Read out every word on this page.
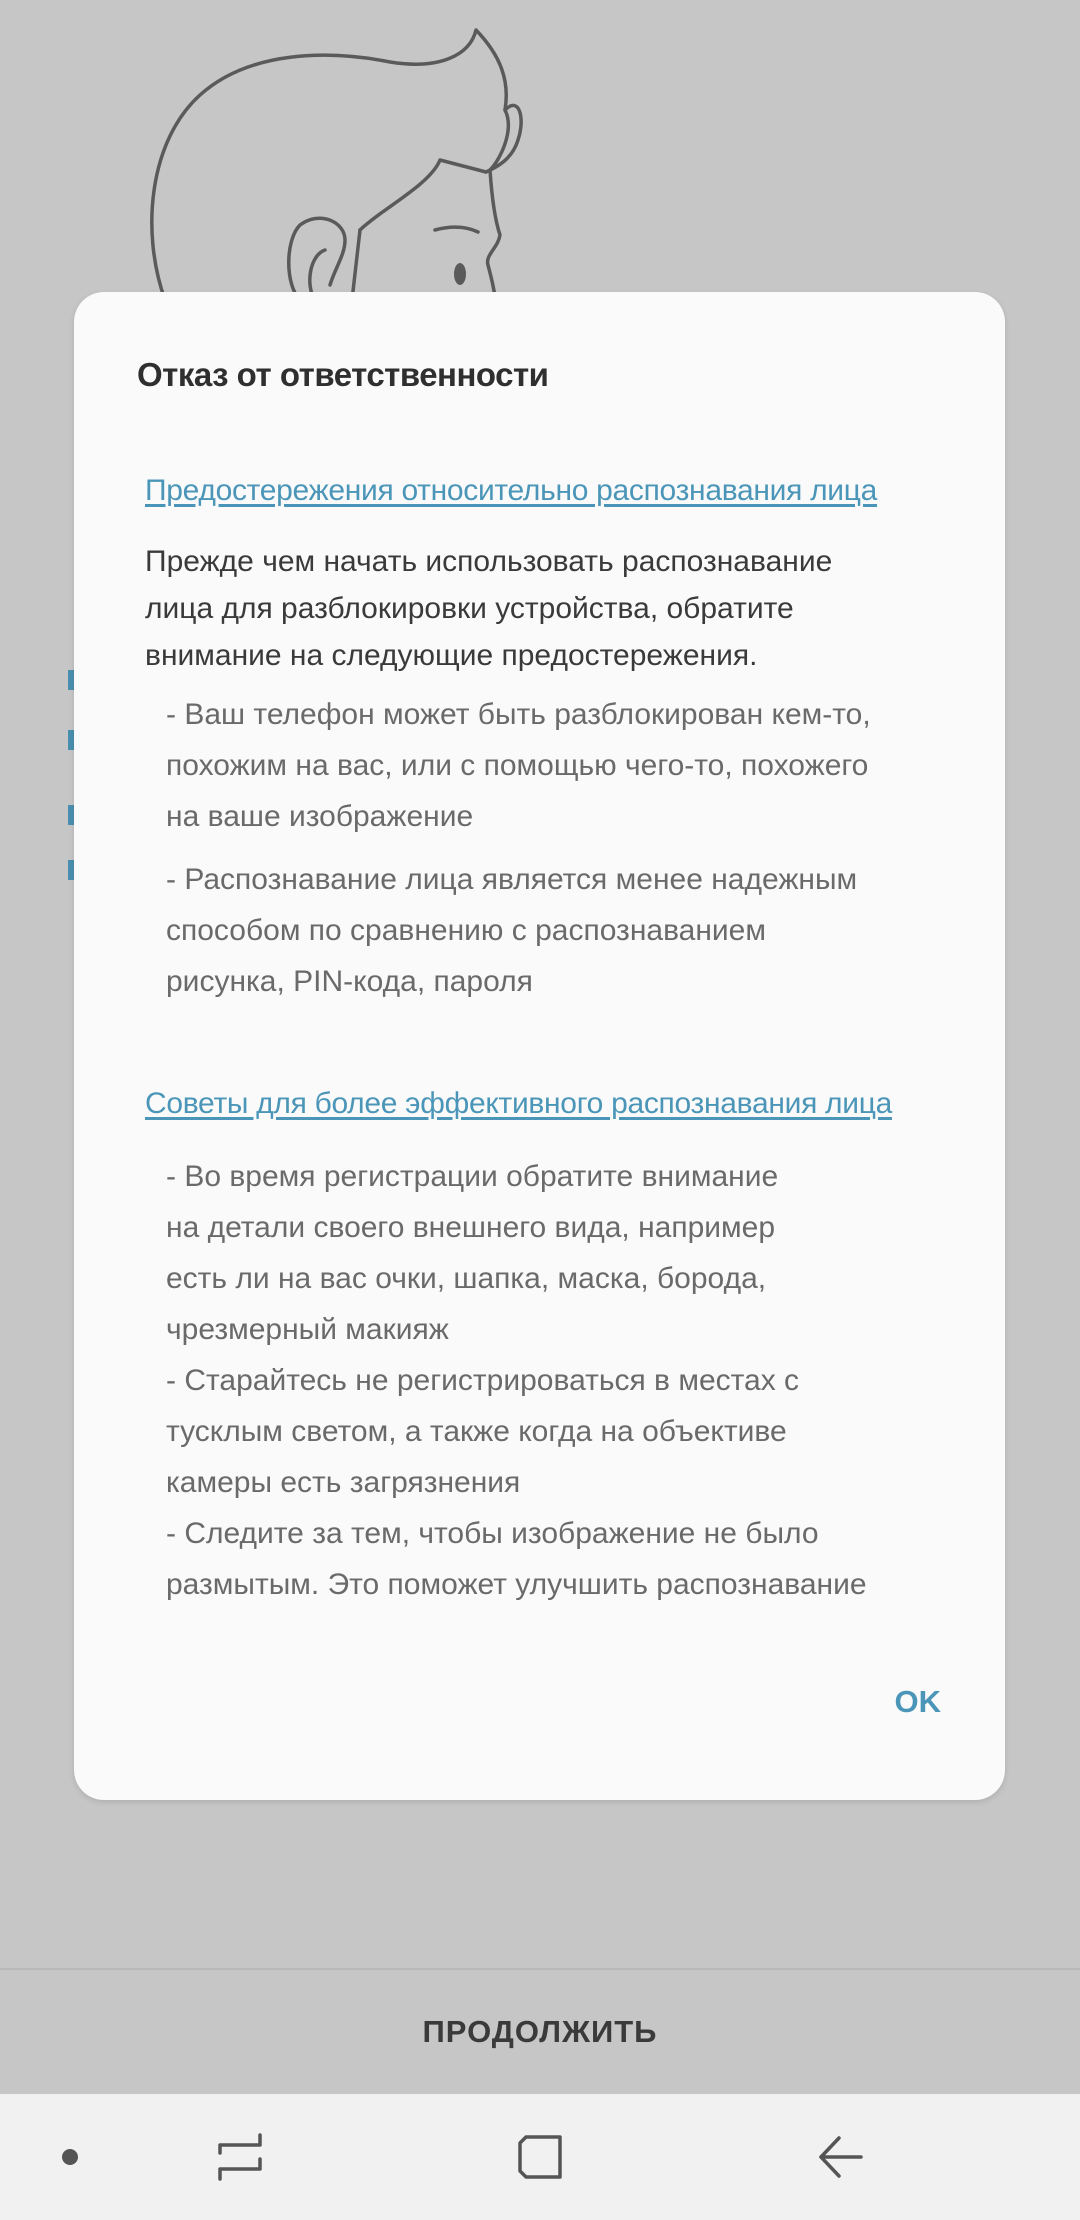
Отказ от ответственности
Предостережения относительно распознавания лица
Прежде чем начать использовать распознавание
лица для разблокировки устройства, обратите
внимание на следующие предостережения.
- Ваш телефон может быть разблокирован кем-то,
похожим на вас, или с помощью чего-то, похожего
на ваше изображение
- Распознавание лица является менее надежным
способом по сравнению с распознаванием
рисунка, PIN-кода, пароля
Советы для более эффективного распознавания лица
- Во время регистрации обратите внимание
на детали своего внешнего вида, например
есть ли на вас очки, шапка, маска, борода,
чрезмерный макияж
- Старайтесь не регистрироваться в местах с
тусклым светом, а также когда на объективе
камеры есть загрязнения
- Следите за тем, чтобы изображение не было
размытым. Это поможет улучшить распознавание
OK
ПРОДОЛЖИТЬ
